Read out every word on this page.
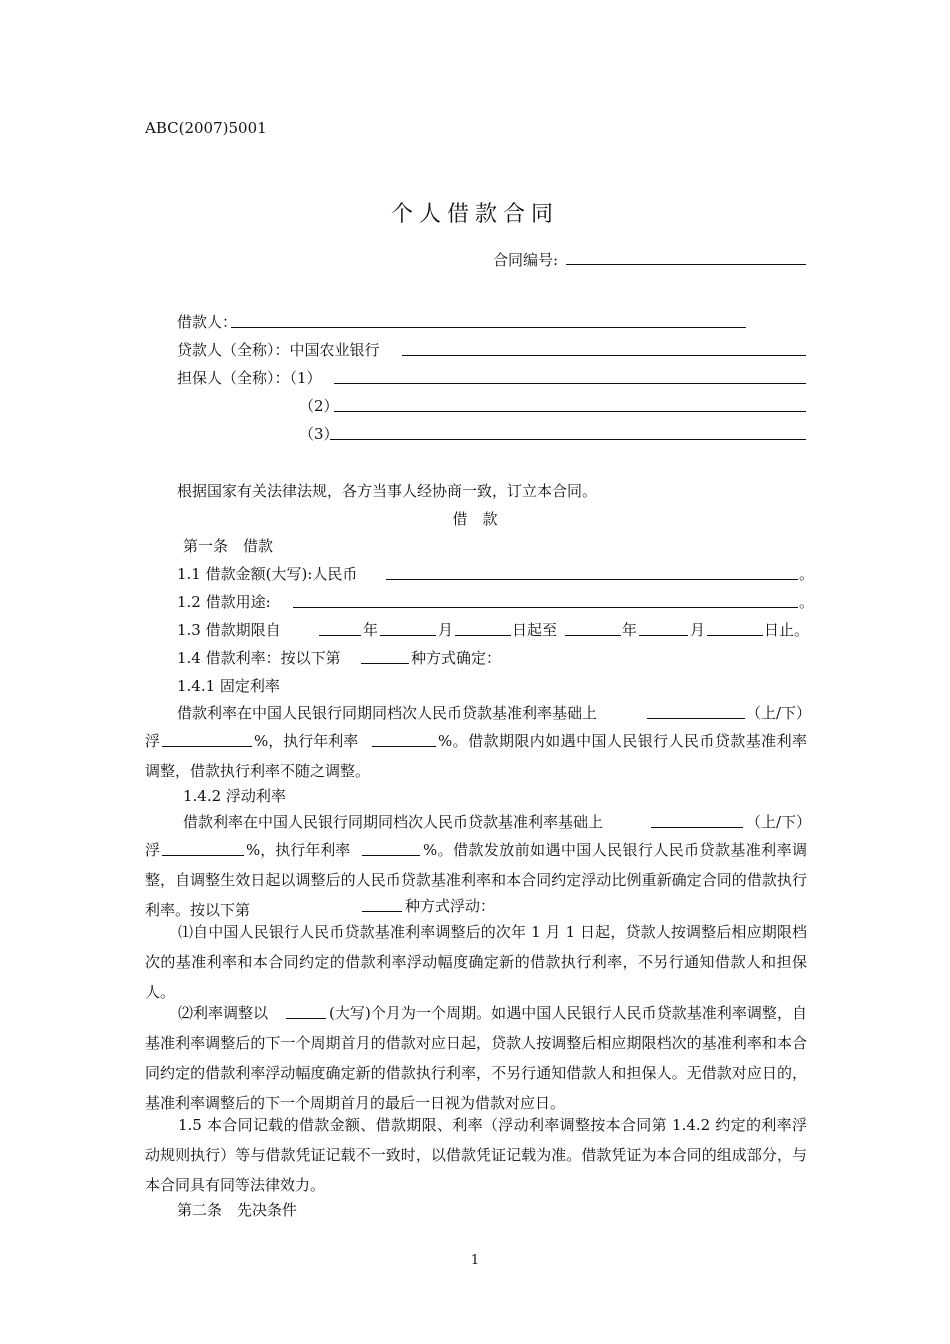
ABC(2007)5001
个人借款合同
合同编号:
借款人：
贷款人（全称）：中国农业银行
担保人（全称）：（1）
（2）
（3）
根据国家有关法律法规，各方当事人经协商一致，订立本合同。
借　款
第一条　借款
1.1 借款金额(大写):人民币	。
1.2 借款用途:	。
1.3 借款期限自	年	月	日起至	年	月	日止。
1.4 借款利率：按以下第	种方式确定：
1.4.1 固定利率
借款利率在中国人民银行同期同档次人民币贷款基准利率基础上	（上/下）
浮	%，执行年利率	%。借款期限内如遇中国人民银行人民币贷款基准利率调整，借款执行利率不随之调整。
1.4.2 浮动利率
借款利率在中国人民银行同期同档次人民币贷款基准利率基础上	（上/下）
浮	%，执行年利率	%。借款发放前如遇中国人民银行人民币贷款基准利率调整，自调整生效日起以调整后的人民币贷款基准利率和本合同约定浮动比例重新确定合同的借款执行利率。按以下第	种方式浮动：
⑴自中国人民银行人民币贷款基准利率调整后的次年 1 月 1 日起，贷款人按调整后相应期限档次的基准利率和本合同约定的借款利率浮动幅度确定新的借款执行利率，不另行通知借款人和担保人。
⑵利率调整以	(大写)个月为一个周期。如遇中国人民银行人民币贷款基准利率调整，自基准利率调整后的下一个周期首月的借款对应日起，贷款人按调整后相应期限档次的基准利率和本合同约定的借款利率浮动幅度确定新的借款执行利率，不另行通知借款人和担保人。无借款对应日的，基准利率调整后的下一个周期首月的最后一日视为借款对应日。
1.5 本合同记载的借款金额、借款期限、利率（浮动利率调整按本合同第 1.4.2 约定的利率浮动规则执行）等与借款凭证记载不一致时，以借款凭证记载为准。借款凭证为本合同的组成部分，与本合同具有同等法律效力。
第二条　先决条件
1
